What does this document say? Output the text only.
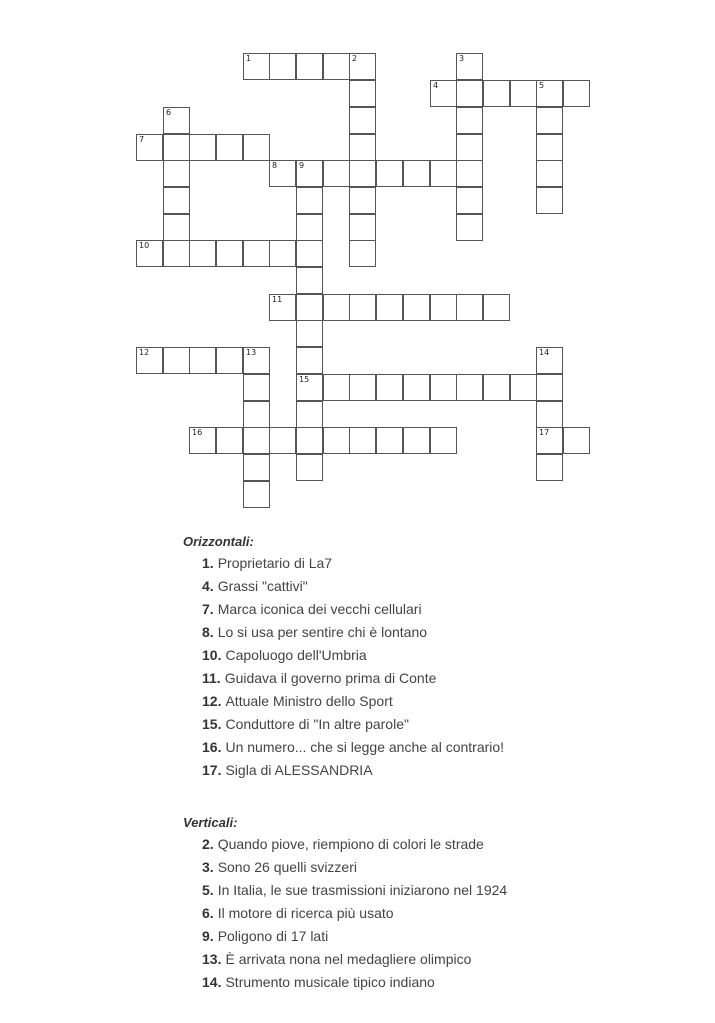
1	2	3
4	5
6
7
8	9
10
11
12	13	14
15
16	17

Orizzontali:

1. Proprietario di La7
4. Grassi "cattivi"
7. Marca iconica dei vecchi cellulari
8. Lo si usa per sentire chi è lontano
10. Capoluogo dell'Umbria
11. Guidava il governo prima di Conte
12. Attuale Ministro dello Sport
15. Conduttore di "In altre parole"
16. Un numero... che si legge anche al contrario!
17. Sigla di ALESSANDRIA

Verticali:

2. Quando piove, riempiono di colori le strade
3. Sono 26 quelli svizzeri
5. In Italia, le sue trasmissioni iniziarono nel 1924
6. Il motore di ricerca più usato
9. Poligono di 17 lati
13. È arrivata nona nel medagliere olimpico
14. Strumento musicale tipico indiano
